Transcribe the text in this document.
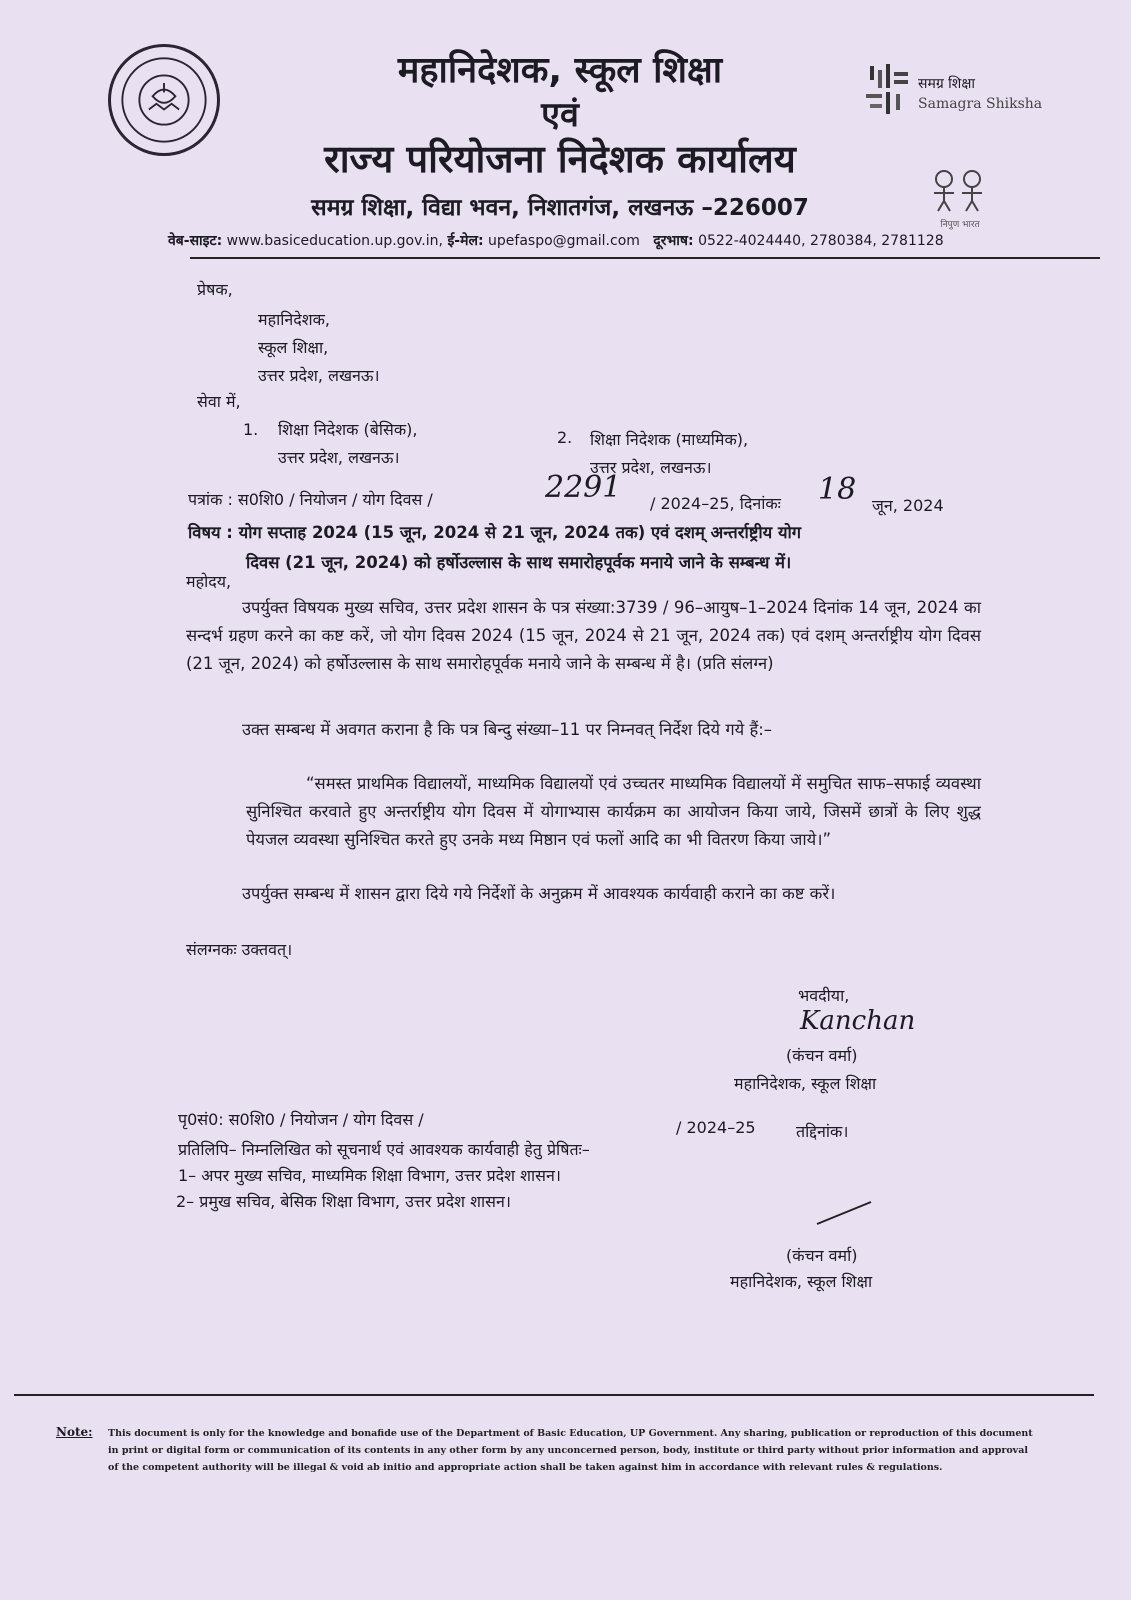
महानिदेशक, स्कूल शिक्षा
एवं
राज्य परियोजना निदेशक कार्यालय
समग्र शिक्षा, विद्या भवन, निशातगंज, लखनऊ –226007
समग्र शिक्षा
Samagra Shiksha
निपुण भारत
वेब-साइट: www.basiceducation.up.gov.in, ई-मेल: upefaspo@gmail.com दूरभाष: 0522-4024440, 2780384, 2781128
प्रेषक,
महानिदेशक,
स्कूल शिक्षा,
उत्तर प्रदेश, लखनऊ।
सेवा में,
1. शिक्षा निदेशक (बेसिक),
उत्तर प्रदेश, लखनऊ।
2. शिक्षा निदेशक (माध्यमिक),
उत्तर प्रदेश, लखनऊ।
पत्रांक : स0शि0 / नियोजन / योग दिवस /	2291 / 2024–25, दिनांकः 18 जून, 2024
विषय : योग सप्ताह 2024 (15 जून, 2024 से 21 जून, 2024 तक) एवं दशम् अन्तर्राष्ट्रीय योग
दिवस (21 जून, 2024) को हर्षोउल्लास के साथ समारोहपूर्वक मनाये जाने के सम्बन्ध में।
महोदय,
उपर्युक्त विषयक मुख्य सचिव, उत्तर प्रदेश शासन के पत्र संख्या:3739 / 96–आयुष–1–2024 दिनांक 14 जून, 2024 का सन्दर्भ ग्रहण करने का कष्ट करें, जो योग दिवस 2024 (15 जून, 2024 से 21 जून, 2024 तक) एवं दशम् अन्तर्राष्ट्रीय योग दिवस (21 जून, 2024) को हर्षोउल्लास के साथ समारोहपूर्वक मनाये जाने के सम्बन्ध में है। (प्रति संलग्न)
उक्त सम्बन्ध में अवगत कराना है कि पत्र बिन्दु संख्या–11 पर निम्नवत् निर्देश दिये गये हैं:–
“समस्त प्राथमिक विद्यालयों, माध्यमिक विद्यालयों एवं उच्चतर माध्यमिक विद्यालयों में समुचित साफ–सफाई व्यवस्था सुनिश्चित करवाते हुए अन्तर्राष्ट्रीय योग दिवस में योगाभ्यास कार्यक्रम का आयोजन किया जाये, जिसमें छात्रों के लिए शुद्ध पेयजल व्यवस्था सुनिश्चित करते हुए उनके मध्य मिष्ठान एवं फलों आदि का भी वितरण किया जाये।”
उपर्युक्त सम्बन्ध में शासन द्वारा दिये गये निर्देशों के अनुक्रम में आवश्यक कार्यवाही कराने का कष्ट करें।
संलग्नकः उक्तवत्।
भवदीया,
Kanchan
(कंचन वर्मा)
महानिदेशक, स्कूल शिक्षा
पृ0सं0: स0शि0 / नियोजन / योग दिवस /	/ 2024–25	तद्दिनांक।
प्रतिलिपि– निम्नलिखित को सूचनार्थ एवं आवश्यक कार्यवाही हेतु प्रेषितः–
1– अपर मुख्य सचिव, माध्यमिक शिक्षा विभाग, उत्तर प्रदेश शासन।
2– प्रमुख सचिव, बेसिक शिक्षा विभाग, उत्तर प्रदेश शासन।
(कंचन वर्मा)
महानिदेशक, स्कूल शिक्षा
Note: This document is only for the knowledge and bonafide use of the Department of Basic Education, UP Government. Any sharing, publication or reproduction of this document in print or digital form or communication of its contents in any other form by any unconcerned person, body, institute or third party without prior information and approval of the competent authority will be illegal & void ab initio and appropriate action shall be taken against him in accordance with relevant rules & regulations.
